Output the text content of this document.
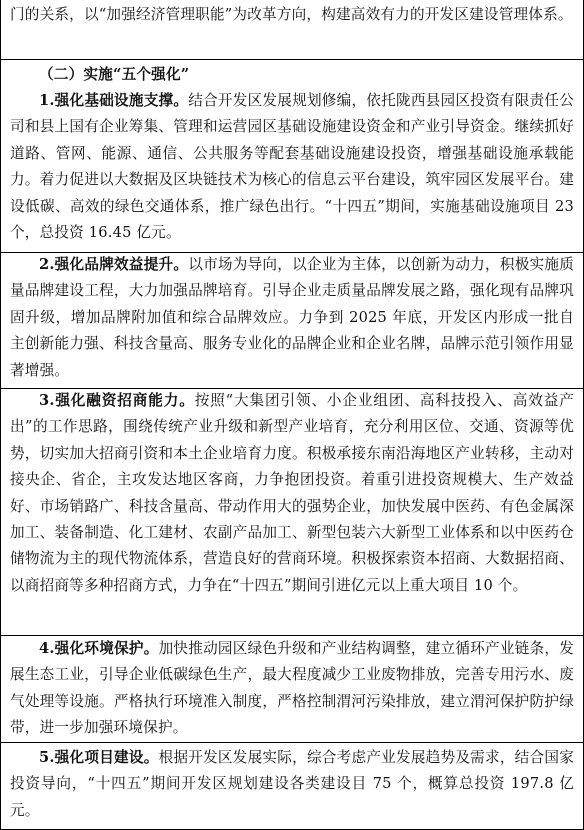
门的关系，以“加强经济管理职能”为改革方向，构建高效有力的开发区建设管理体系。

（二）实施“五个强化”

1.强化基础设施支撑。结合开发区发展规划修编，依托陇西县园区投资有限责任公司和县上国有企业筹集、管理和运营园区基础设施建设资金和产业引导资金。继续抓好道路、管网、能源、通信、公共服务等配套基础设施建设投资，增强基础设施承载能力。着力促进以大数据及区块链技术为核心的信息云平台建设，筑牢园区发展平台。建设低碳、高效的绿色交通体系，推广绿色出行。“十四五”期间，实施基础设施项目 23 个，总投资 16.45 亿元。

2.强化品牌效益提升。以市场为导向，以企业为主体，以创新为动力，积极实施质量品牌建设工程，大力加强品牌培育。引导企业走质量品牌发展之路，强化现有品牌巩固升级，增加品牌附加值和综合品牌效应。力争到 2025 年底，开发区内形成一批自主创新能力强、科技含量高、服务专业化的品牌企业和企业名牌，品牌示范引领作用显著增强。

3.强化融资招商能力。按照“大集团引领、小企业组团、高科技投入、高效益产出”的工作思路，围绕传统产业升级和新型产业培育，充分利用区位、交通、资源等优势，切实加大招商引资和本土企业培育力度。积极承接东南沿海地区产业转移，主动对接央企、省企，主攻发达地区客商，力争抱团投资。着重引进投资规模大、生产效益好、市场销路广、科技含量高、带动作用大的强势企业，加快发展中医药、有色金属深加工、装备制造、化工建材、农副产品加工、新型包装六大新型工业体系和以中医药仓储物流为主的现代物流体系，营造良好的营商环境。积极探索资本招商、大数据招商、以商招商等多种招商方式，力争在“十四五”期间引进亿元以上重大项目 10 个。

4.强化环境保护。加快推动园区绿色升级和产业结构调整，建立循环产业链条，发展生态工业，引导企业低碳绿色生产，最大程度减少工业废物排放，完善专用污水、废气处理等设施。严格执行环境准入制度，严格控制渭河污染排放，建立渭河保护防护绿带，进一步加强环境保护。

5.强化项目建设。根据开发区发展实际，综合考虑产业发展趋势及需求，结合国家投资导向，“十四五”期间开发区规划建设各类建设目 75 个，概算总投资 197.8 亿元。
